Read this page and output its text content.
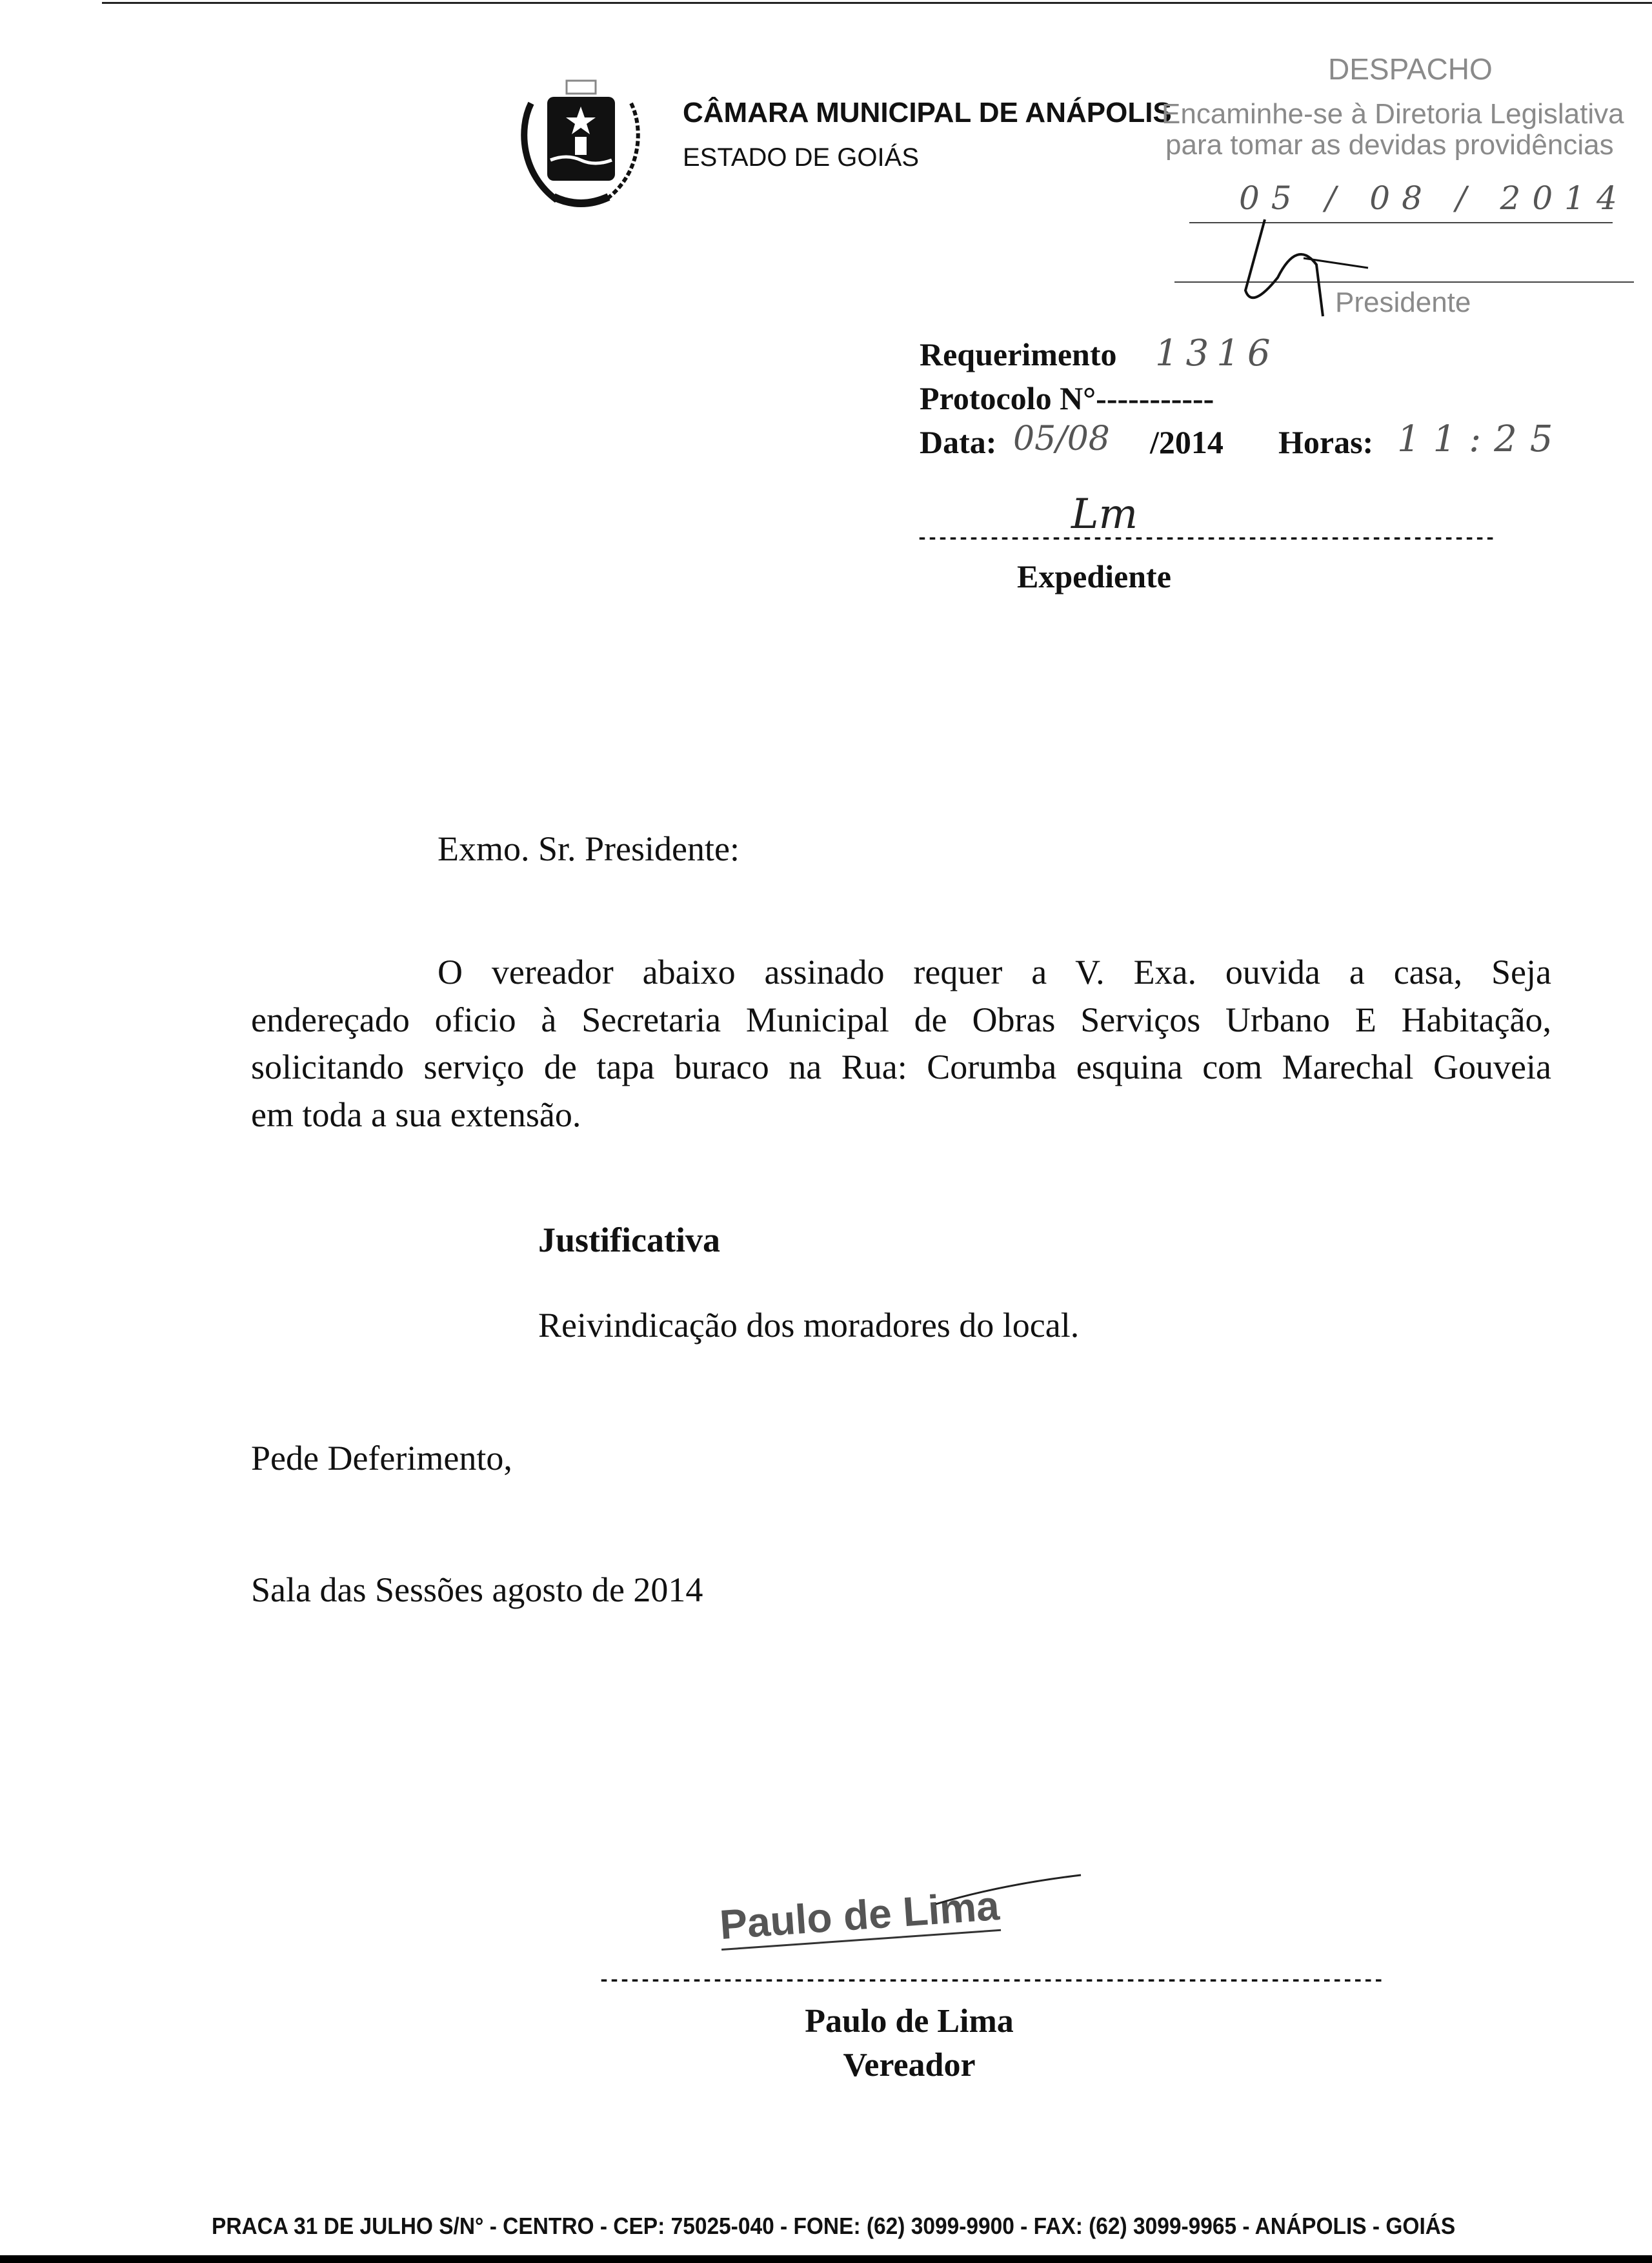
CÂMARA MUNICIPAL DE ANÁPOLIS
ESTADO DE GOIÁS
DESPACHO
Encaminhe-se à Diretoria Legislativa
para tomar as devidas providências
05 / 08 / 2014
Presidente
Requerimento 1316
Protocolo N°-----------
Data: 05/08 /2014 Horas: 11:25
Lm
--------------------------------------------------------
Expediente
Exmo. Sr. Presidente:
O vereador abaixo assinado requer a V. Exa. ouvida a casa, Seja
endereçado oficio à Secretaria Municipal de Obras Serviços Urbano E Habitação,
solicitando serviço de tapa buraco na Rua: Corumba esquina com Marechal Gouveia
em toda a sua extensão.
Justificativa
Reivindicação dos moradores do local.
Pede Deferimento,
Sala das Sessões agosto de 2014
Paulo de Lima
----------------------------------------------------------------------------
Paulo de Lima
Vereador
PRACA 31 DE JULHO S/N° - CENTRO - CEP: 75025-040 - FONE: (62) 3099-9900 - FAX: (62) 3099-9965 - ANÁPOLIS - GOIÁS
